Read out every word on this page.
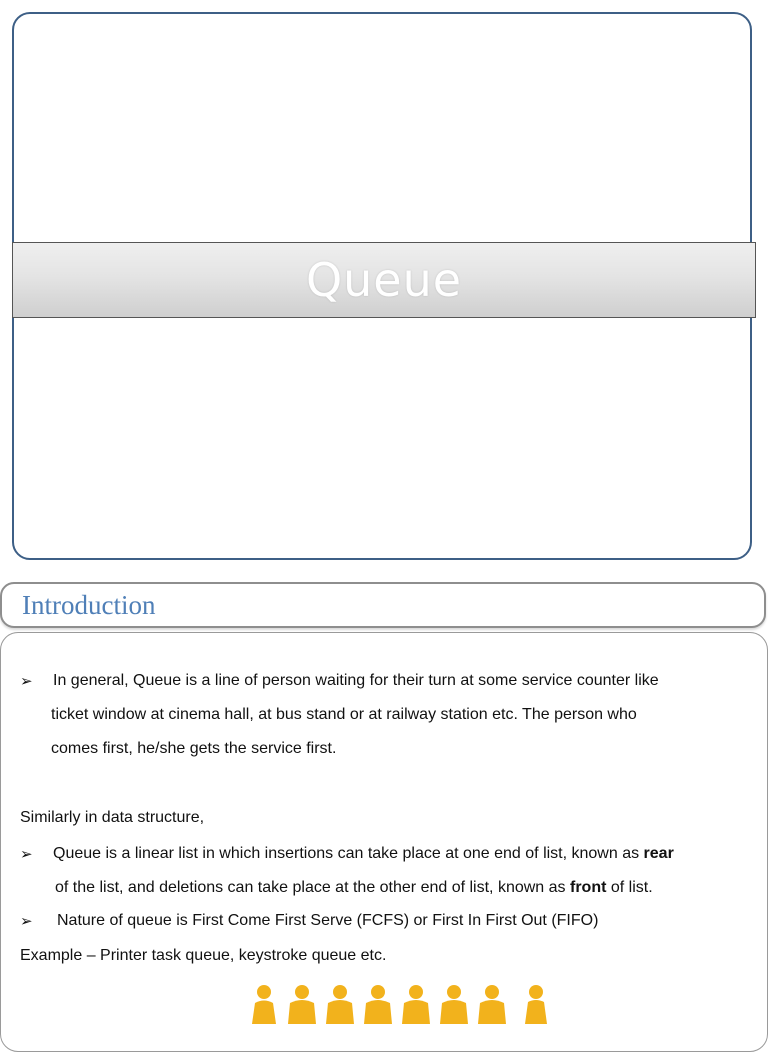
Queue
Introduction
➢ In general, Queue is a line of person waiting for their turn at some service counter like
ticket window at cinema hall, at bus stand or at railway station etc. The person who
comes first, he/she gets the service first.
Similarly in data structure,
➢ Queue is a linear list in which insertions can take place at one end of list, known as rear
of the list, and deletions can take place at the other end of list, known as front of list.
➢ Nature of queue is First Come First Serve (FCFS) or First In First Out (FIFO)
Example – Printer task queue, keystroke queue etc.
